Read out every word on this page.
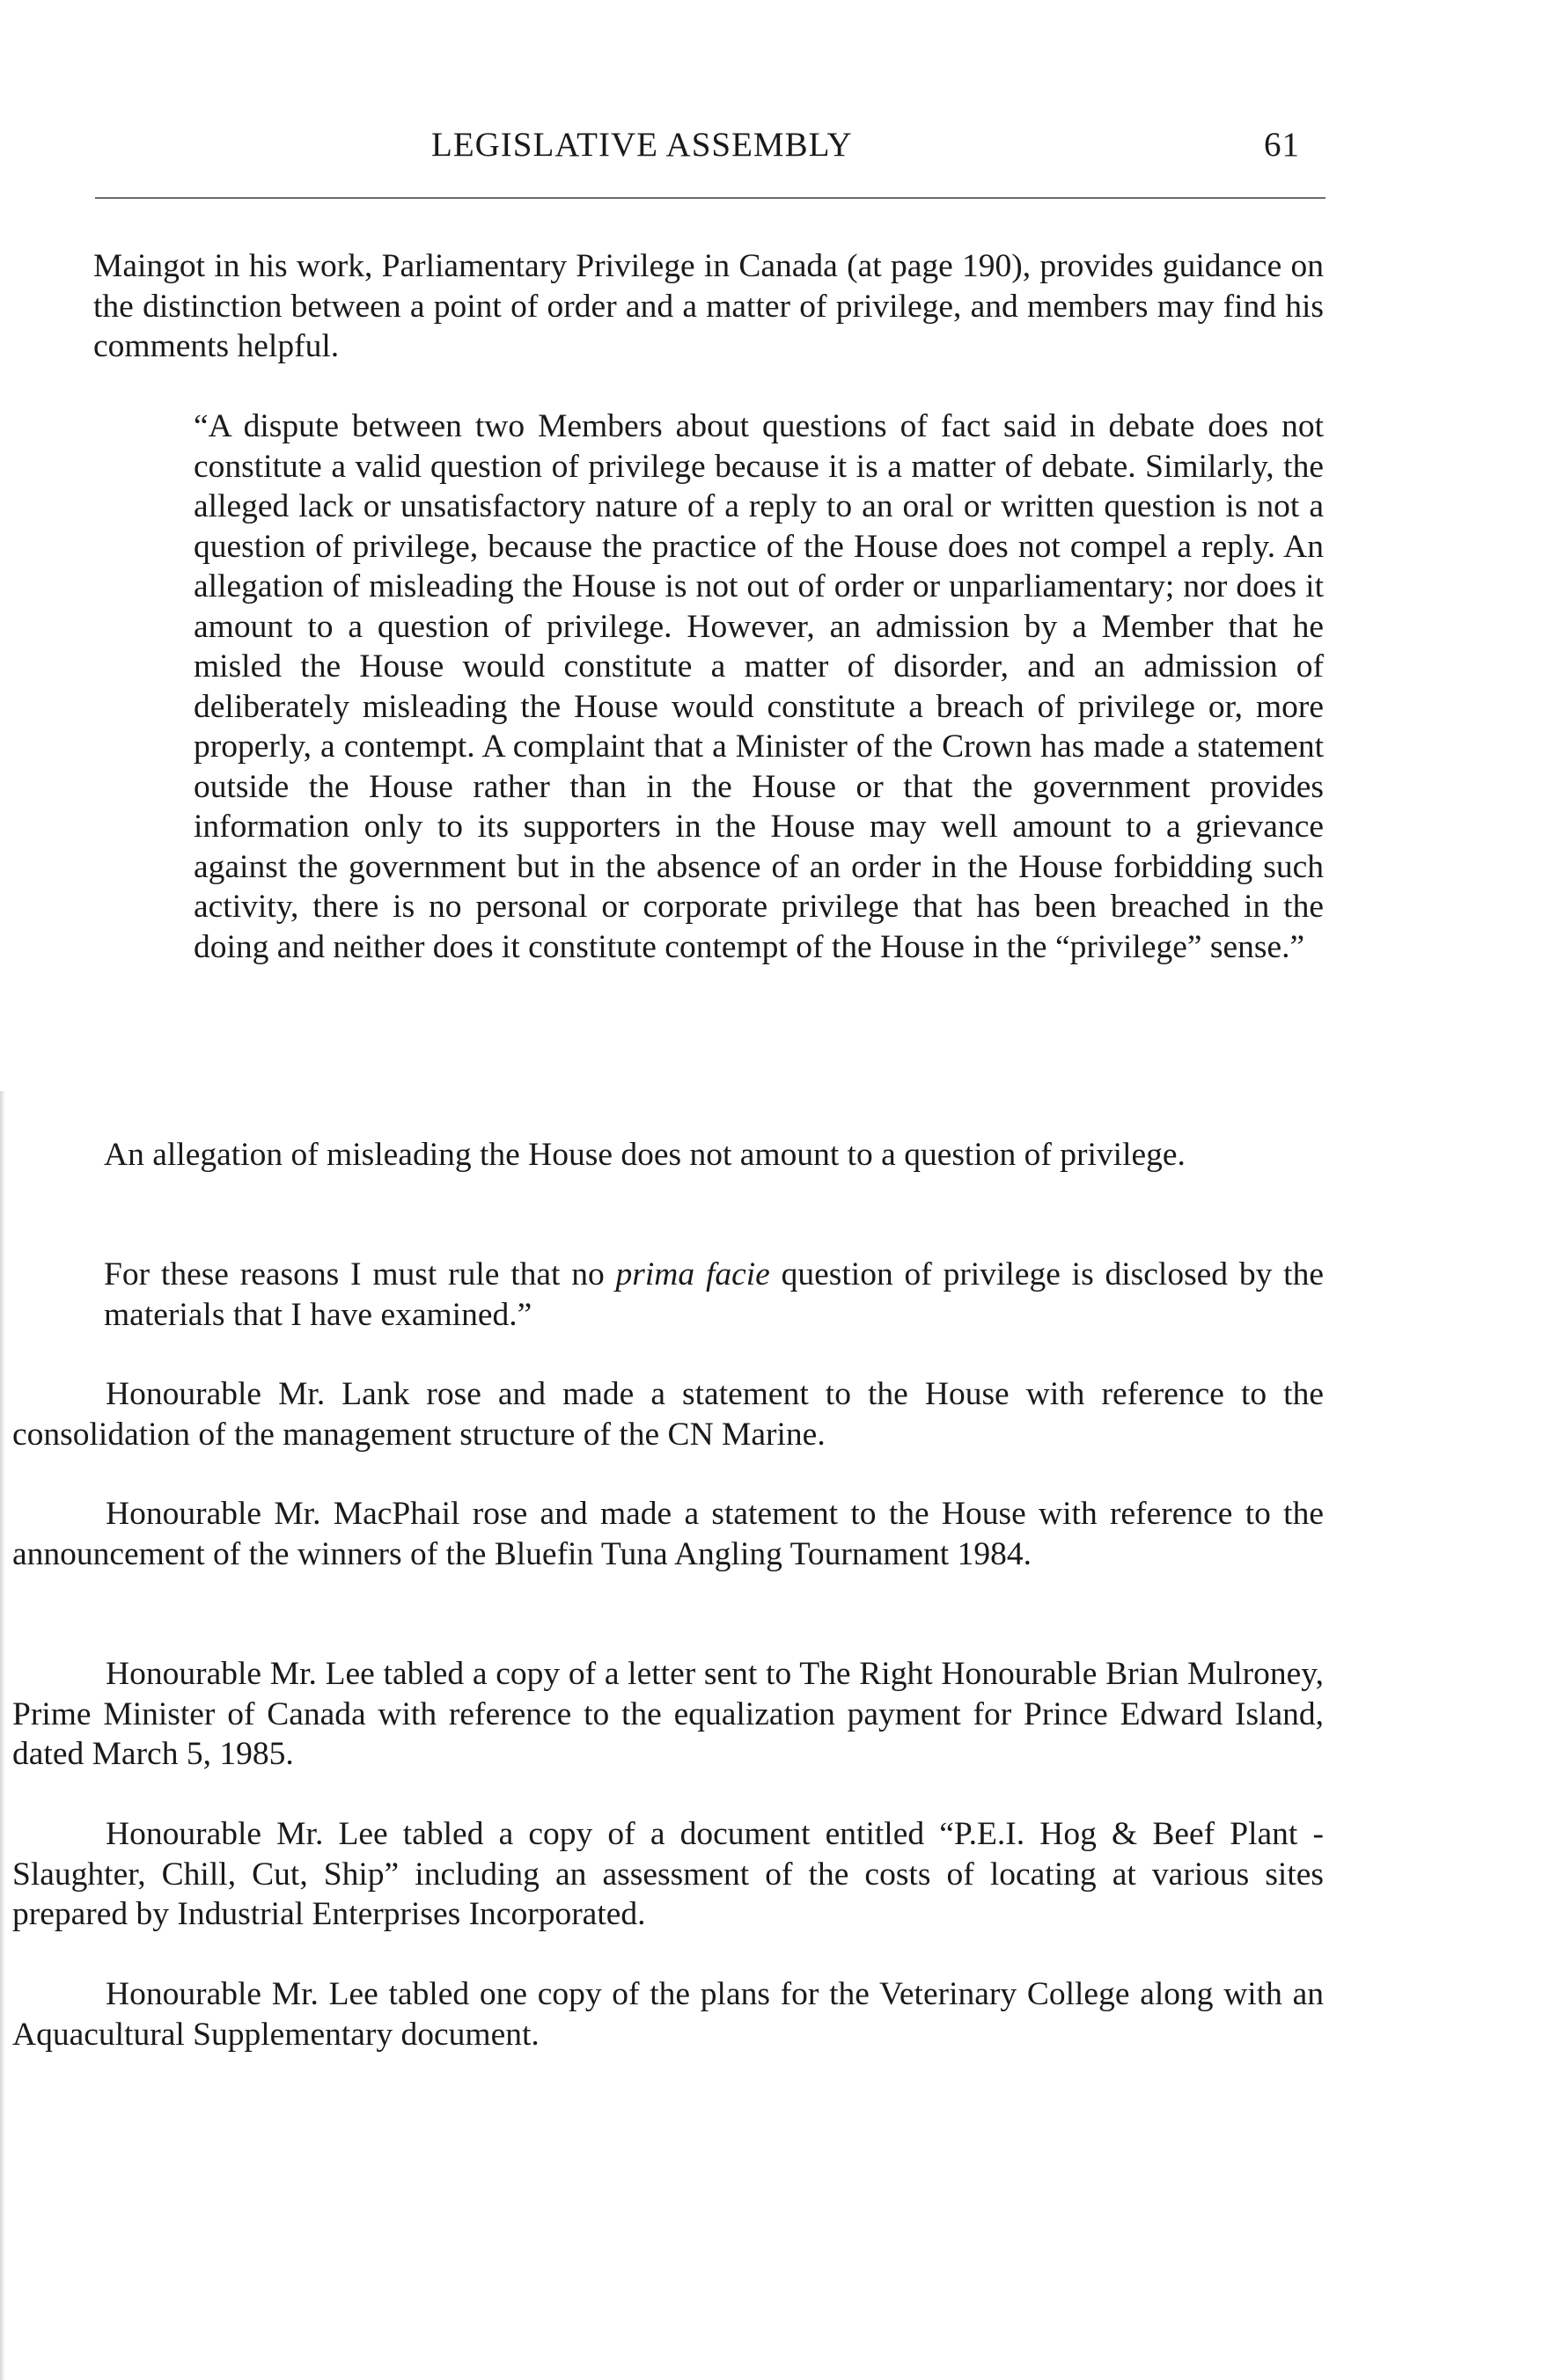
LEGISLATIVE ASSEMBLY	61

Maingot in his work, Parliamentary Privilege in Canada (at page 190), provides guidance on the distinction between a point of order and a matter of privilege, and members may find his comments helpful.

“A dispute between two Members about questions of fact said in debate does not constitute a valid question of privilege because it is a matter of debate. Similarly, the alleged lack or unsatisfactory nature of a reply to an oral or written question is not a question of privilege, because the practice of the House does not compel a reply. An allegation of misleading the House is not out of order or unparliamentary; nor does it amount to a question of privilege. However, an admission by a Member that he misled the House would constitute a matter of disorder, and an admission of deliberately misleading the House would constitute a breach of privilege or, more properly, a contempt. A complaint that a Minister of the Crown has made a statement outside the House rather than in the House or that the government provides information only to its supporters in the House may well amount to a grievance against the government but in the absence of an order in the House forbidding such activity, there is no personal or corporate privilege that has been breached in the doing and neither does it constitute contempt of the House in the “privilege” sense.”

An allegation of misleading the House does not amount to a question of privilege.

For these reasons I must rule that no prima facie question of privilege is disclosed by the materials that I have examined.”

Honourable Mr. Lank rose and made a statement to the House with reference to the consolidation of the management structure of the CN Marine.

Honourable Mr. MacPhail rose and made a statement to the House with reference to the announcement of the winners of the Bluefin Tuna Angling Tournament 1984.

Honourable Mr. Lee tabled a copy of a letter sent to The Right Honourable Brian Mulroney, Prime Minister of Canada with reference to the equalization payment for Prince Edward Island, dated March 5, 1985.

Honourable Mr. Lee tabled a copy of a document entitled “P.E.I. Hog & Beef Plant - Slaughter, Chill, Cut, Ship” including an assessment of the costs of locating at various sites prepared by Industrial Enterprises Incorporated.

Honourable Mr. Lee tabled one copy of the plans for the Veterinary College along with an Aquacultural Supplementary document.
